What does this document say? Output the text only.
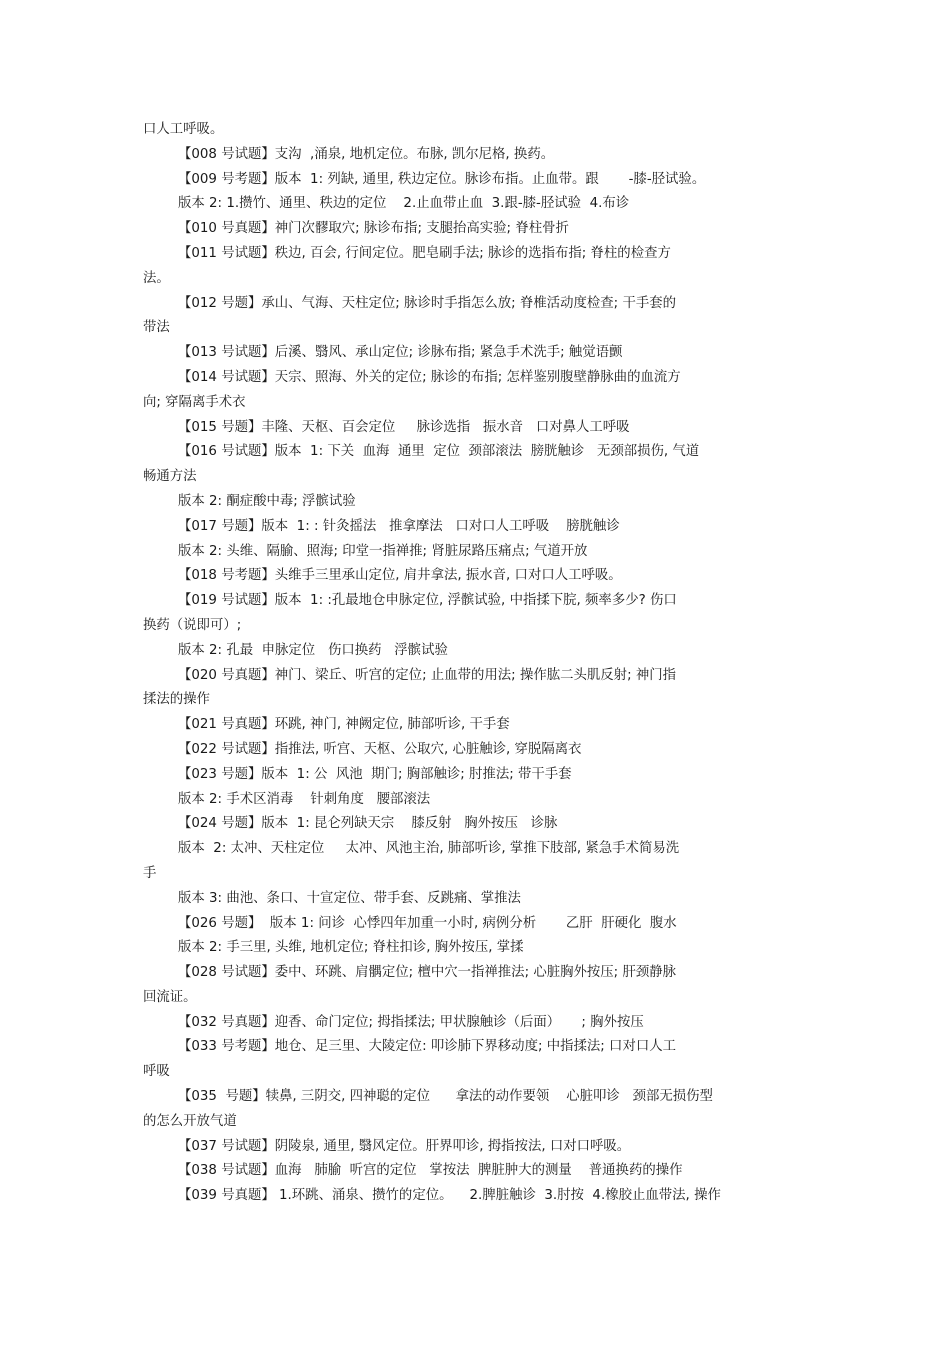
口人工呼吸。
【008 号试题】支沟  ,涌泉, 地机定位。布脉, 凯尔尼格, 换药。
【009 号考题】版本  1: 列缺, 通里, 秩边定位。脉诊布指。止血带。跟       -膝-胫试验。
版本 2: 1.攒竹、通里、秩边的定位    2.止血带止血  3.跟-膝-胫试验  4.布诊
【010 号真题】神门次髎取穴; 脉诊布指; 支腿抬高实验; 脊柱骨折
【011 号试题】秩边, 百会, 行间定位。肥皂刷手法; 脉诊的选指布指; 脊柱的检查方
法。
【012 号题】承山、气海、天柱定位; 脉诊时手指怎么放; 脊椎活动度检查; 干手套的
带法
【013 号试题】后溪、翳风、承山定位; 诊脉布指; 紧急手术洗手; 触觉语颤
【014 号试题】天宗、照海、外关的定位; 脉诊的布指; 怎样鉴别腹壁静脉曲的血流方
向; 穿隔离手术衣
【015 号题】丰隆、天枢、百会定位     脉诊选指   振水音   口对鼻人工呼吸
【016 号试题】版本  1: 下关  血海  通里  定位  颈部滚法  膀胱触诊   无颈部损伤, 气道
畅通方法
版本 2: 酮症酸中毒; 浮髌试验
【017 号题】版本  1: : 针灸摇法   推拿摩法   口对口人工呼吸    膀胱触诊
版本 2: 头维、隔腧、照海; 印堂一指禅推; 肾脏尿路压痛点; 气道开放
【018 号考题】头维手三里承山定位, 肩井拿法, 振水音, 口对口人工呼吸。
【019 号试题】版本  1: :孔最地仓申脉定位, 浮髌试验, 中指揉下脘, 频率多少? 伤口
换药（说即可）;
版本 2: 孔最  申脉定位   伤口换药   浮髌试验
【020 号真题】神门、梁丘、听宫的定位; 止血带的用法; 操作肱二头肌反射; 神门指
揉法的操作
【021 号真题】环跳, 神门, 神阙定位, 肺部听诊, 干手套
【022 号试题】指推法, 听宫、天枢、公取穴, 心脏触诊, 穿脱隔离衣
【023 号题】版本  1: 公  风池  期门; 胸部触诊; 肘推法; 带干手套
版本 2: 手术区消毒    针刺角度   腰部滚法
【024 号题】版本  1: 昆仑列缺天宗    膝反射   胸外按压   诊脉
版本  2: 太冲、天柱定位     太冲、风池主治, 肺部听诊, 掌推下肢部, 紧急手术简易洗
手
版本 3: 曲池、条口、十宣定位、带手套、反跳痛、掌推法
【026 号题】  版本 1: 问诊  心悸四年加重一小时, 病例分析       乙肝  肝硬化  腹水
版本 2: 手三里, 头维, 地机定位; 脊柱扣诊, 胸外按压, 掌揉
【028 号试题】委中、环跳、肩髃定位; 檀中穴一指禅推法; 心脏胸外按压; 肝颈静脉
回流证。
【032 号真题】迎香、命门定位; 拇指揉法; 甲状腺触诊（后面）     ; 胸外按压
【033 号考题】地仓、足三里、大陵定位: 叩诊肺下界移动度; 中指揉法; 口对口人工
呼吸
【035  号题】犊鼻, 三阴交, 四神聪的定位      拿法的动作要领    心脏叩诊   颈部无损伤型
的怎么开放气道
【037 号试题】阴陵泉, 通里, 翳风定位。肝界叩诊, 拇指按法, 口对口呼吸。
【038 号试题】血海   肺腧  听宫的定位   掌按法  脾脏肿大的测量    普通换药的操作
【039 号真题】 1.环跳、涌泉、攒竹的定位。    2.脾脏触诊  3.肘按  4.橡胶止血带法, 操作
